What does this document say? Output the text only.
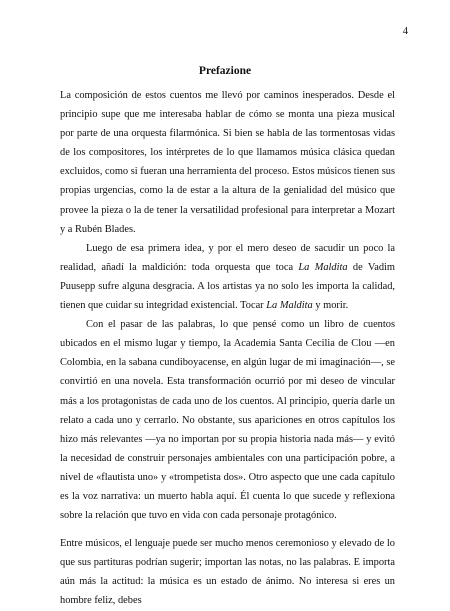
4
Prefazione

La composición de estos cuentos me llevó por caminos inesperados. Desde el principio supe que me interesaba hablar de cómo se monta una pieza musical por parte de una orquesta filarmónica. Si bien se habla de las tormentosas vidas de los compositores, los intérpretes de lo que llamamos música clásica quedan excluidos, como si fueran una herramienta del proceso. Estos músicos tienen sus propias urgencias, como la de estar a la altura de la genialidad del músico que provee la pieza o la de tener la versatilidad profesional para interpretar a Mozart y a Rubén Blades.

Luego de esa primera idea, y por el mero deseo de sacudir un poco la realidad, añadí la maldición: toda orquesta que toca La Maldita de Vadim Puusepp sufre alguna desgracia. A los artistas ya no solo les importa la calidad, tienen que cuidar su integridad existencial. Tocar La Maldita y morir.

Con el pasar de las palabras, lo que pensé como un libro de cuentos ubicados en el mismo lugar y tiempo, la Academia Santa Cecilia de Clou —en Colombia, en la sabana cundiboyacense, en algún lugar de mi imaginación—, se convirtió en una novela. Esta transformación ocurrió por mi deseo de vincular más a los protagonistas de cada uno de los cuentos. Al principio, quería darle un relato a cada uno y cerrarlo. No obstante, sus apariciones en otros capítulos los hizo más relevantes —ya no importan por su propia historia nada más— y evitó la necesidad de construir personajes ambientales con una participación pobre, a nivel de «flautista uno» y «trompetista dos». Otro aspecto que une cada capítulo es la voz narrativa: un muerto habla aquí. Él cuenta lo que sucede y reflexiona sobre la relación que tuvo en vida con cada personaje protagónico.

Entre músicos, el lenguaje puede ser mucho menos ceremonioso y elevado de lo que sus partituras podrían sugerir; importan las notas, no las palabras. E importa aún más la actitud: la música es un estado de ánimo. No interesa si eres un hombre feliz, debes
